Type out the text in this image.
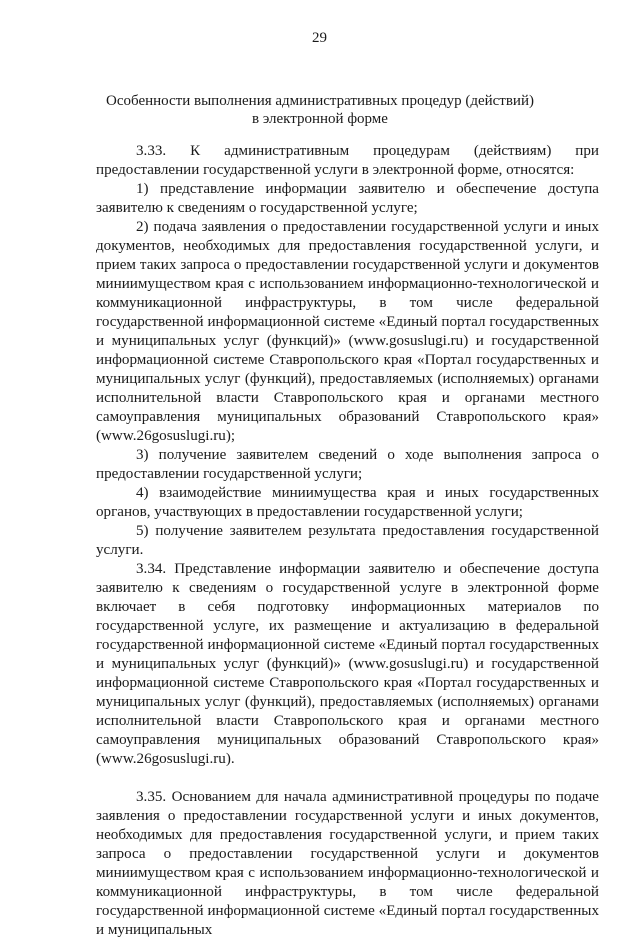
29
Особенности выполнения административных процедур (действий)
в электронной форме

3.33. К административным процедурам (действиям) при предоставлении государственной услуги в электронной форме, относятся:

1) представление информации заявителю и обеспечение доступа заявителю к сведениям о государственной услуге;

2) подача заявления о предоставлении государственной услуги и иных документов, необходимых для предоставления государственной услуги, и прием таких запроса о предоставлении государственной услуги и документов миниимуществом края с использованием информационно-технологической и коммуникационной инфраструктуры, в том числе федеральной государственной информационной системе «Единый портал государственных и муниципальных услуг (функций)» (www.gosuslugi.ru) и государственной информационной системе Ставропольского края «Портал государственных и муниципальных услуг (функций), предоставляемых (исполняемых) органами исполнительной власти Ставропольского края и органами местного самоуправления муниципальных образований Ставропольского края» (www.26gosuslugi.ru);

3) получение заявителем сведений о ходе выполнения запроса о предоставлении государственной услуги;

4) взаимодействие миниимущества края и иных государственных органов, участвующих в предоставлении государственной услуги;

5) получение заявителем результата предоставления государственной услуги.

3.34. Представление информации заявителю и обеспечение доступа заявителю к сведениям о государственной услуге в электронной форме включает в себя подготовку информационных материалов по государственной услуге, их размещение и актуализацию в федеральной государственной информационной системе «Единый портал государственных и муниципальных услуг (функций)» (www.gosuslugi.ru) и государственной информационной системе Ставропольского края «Портал государственных и муниципальных услуг (функций), предоставляемых (исполняемых) органами исполнительной власти Ставропольского края и органами местного самоуправления муниципальных образований Ставропольского края» (www.26gosuslugi.ru).

3.35. Основанием для начала административной процедуры по подаче заявления о предоставлении государственной услуги и иных документов, необходимых для предоставления государственной услуги, и прием таких запроса о предоставлении государственной услуги и документов миниимуществом края с использованием информационно-технологической и коммуникационной инфраструктуры, в том числе федеральной государственной информационной системе «Единый портал государственных и муниципальных
